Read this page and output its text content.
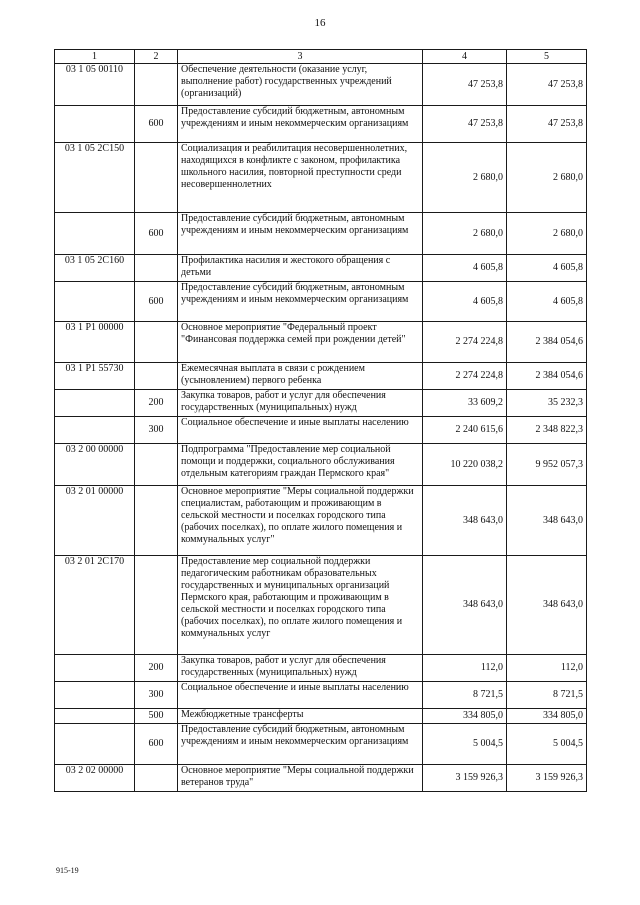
16
1	2	3	4	5
03 1 05 00110		Обеспечение деятельности (оказание услуг, выполнение работ) государственных учреждений (организаций)	47 253,8	47 253,8
	600	Предоставление субсидий бюджетным, автономным учреждениям и иным некоммерческим организациям	47 253,8	47 253,8
03 1 05 2С150		Социализация и реабилитация несовершеннолетних, находящихся в конфликте с законом, профилактика школьного насилия, повторной преступности среди несовершеннолетних	2 680,0	2 680,0
	600	Предоставление субсидий бюджетным, автономным учреждениям и иным некоммерческим организациям	2 680,0	2 680,0
03 1 05 2С160		Профилактика насилия и жестокого обращения с детьми	4 605,8	4 605,8
	600	Предоставление субсидий бюджетным, автономным учреждениям и иным некоммерческим организациям	4 605,8	4 605,8
03 1 P1 00000		Основное мероприятие "Федеральный проект "Финансовая поддержка семей при рождении детей"	2 274 224,8	2 384 054,6
03 1 P1 55730		Ежемесячная выплата в связи с рождением (усыновлением) первого ребенка	2 274 224,8	2 384 054,6
	200	Закупка товаров, работ и услуг для обеспечения государственных (муниципальных) нужд	33 609,2	35 232,3
	300	Социальное обеспечение и иные выплаты населению	2 240 615,6	2 348 822,3
03 2 00 00000		Подпрограмма "Предоставление мер социальной помощи и поддержки, социального обслуживания отдельным категориям граждан Пермского края"	10 220 038,2	9 952 057,3
03 2 01 00000		Основное мероприятие "Меры социальной поддержки специалистам, работающим и проживающим в сельской местности и поселках городского типа (рабочих поселках), по оплате жилого помещения и коммунальных услуг"	348 643,0	348 643,0
03 2 01 2С170		Предоставление мер социальной поддержки педагогическим работникам образовательных государственных и муниципальных организаций Пермского края, работающим и проживающим в сельской местности и поселках городского типа (рабочих поселках), по оплате жилого помещения и коммунальных услуг	348 643,0	348 643,0
	200	Закупка товаров, работ и услуг для обеспечения государственных (муниципальных) нужд	112,0	112,0
	300	Социальное обеспечение и иные выплаты населению	8 721,5	8 721,5
	500	Межбюджетные трансферты	334 805,0	334 805,0
	600	Предоставление субсидий бюджетным, автономным учреждениям и иным некоммерческим организациям	5 004,5	5 004,5
03 2 02 00000		Основное мероприятие "Меры социальной поддержки ветеранов труда"	3 159 926,3	3 159 926,3
915-19
